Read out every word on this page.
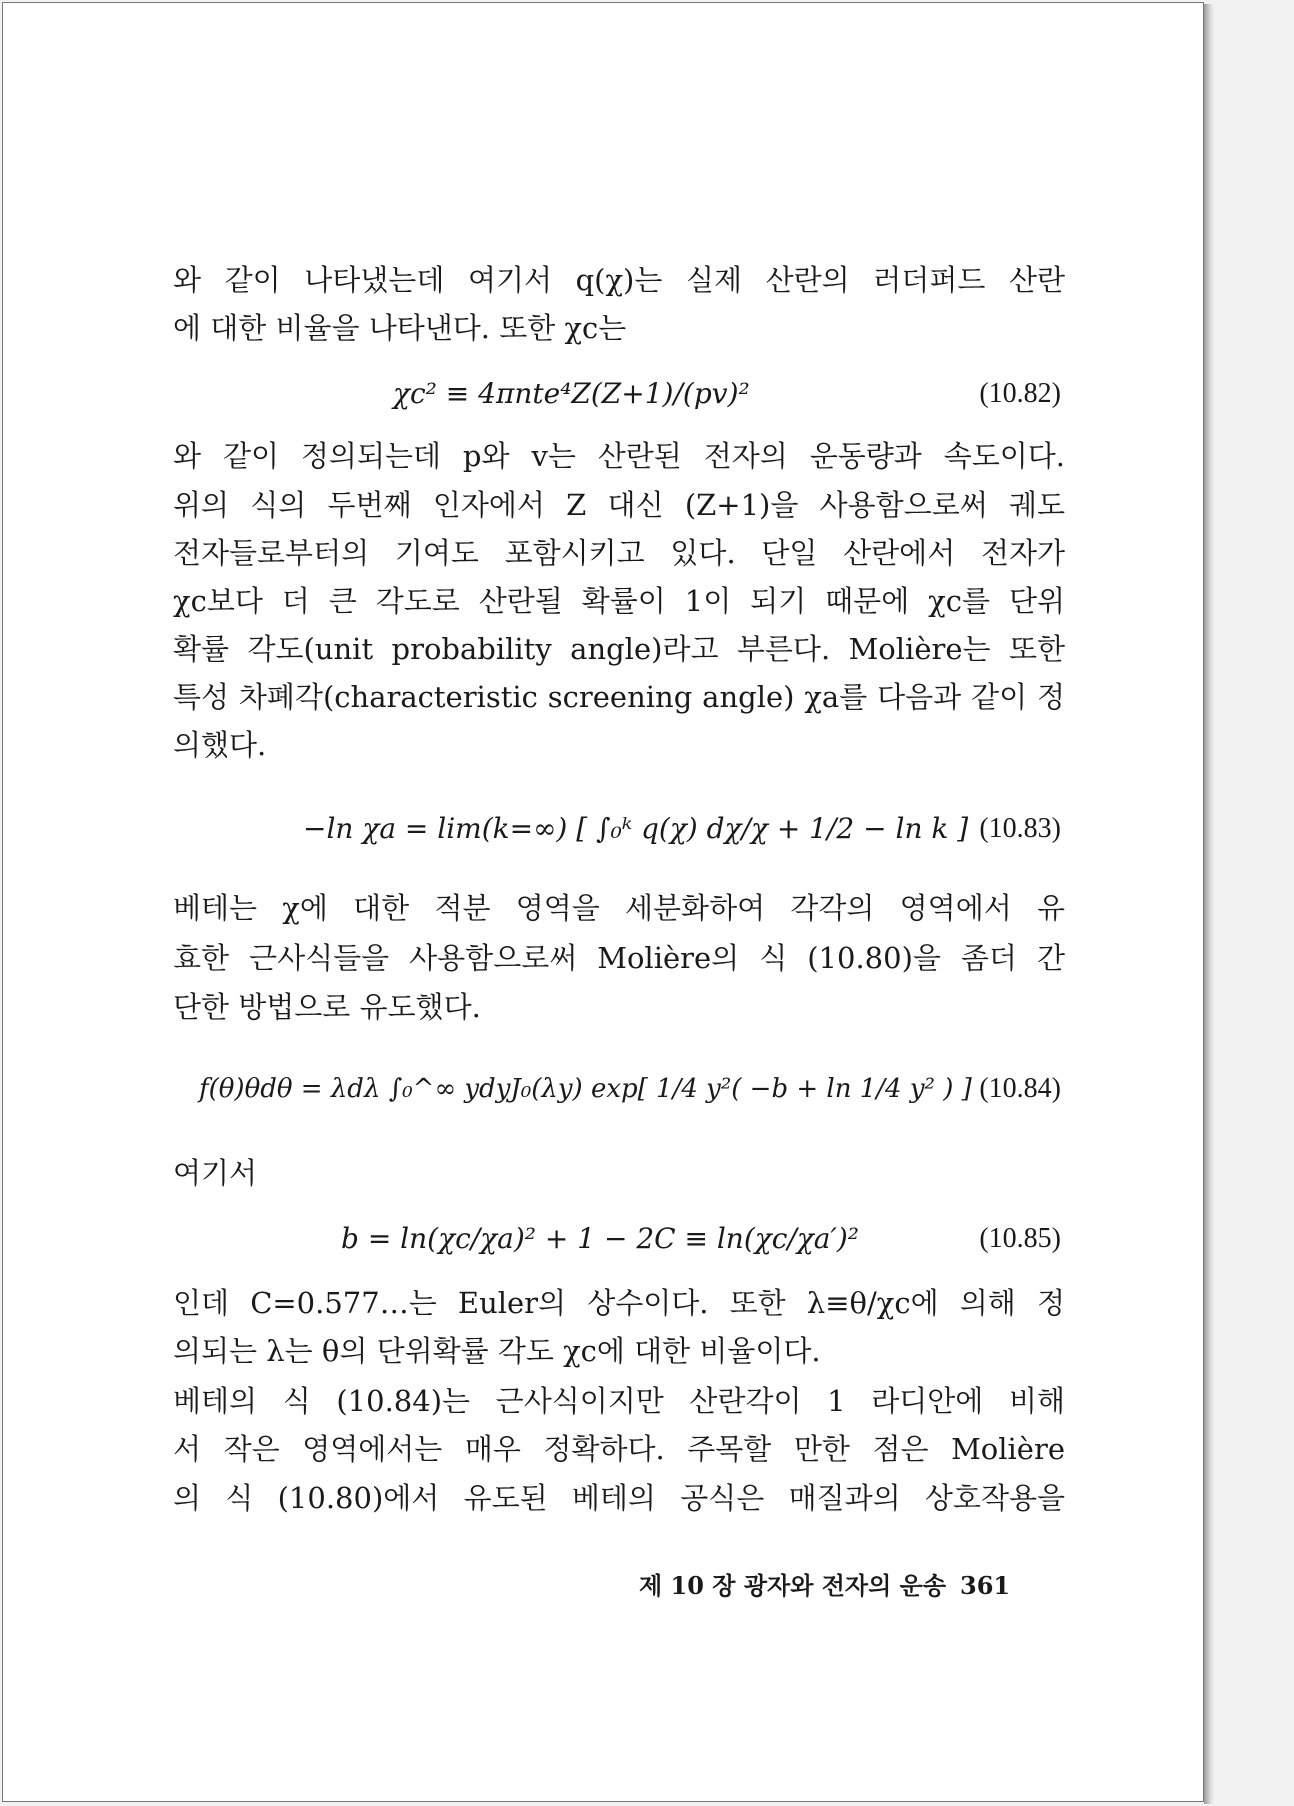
와 같이 나타냈는데 여기서 q(χ)는 실제 산란의 러더퍼드 산란
에 대한 비율을 나타낸다. 또한 χc는
χc² ≡ 4πnte⁴Z(Z+1)/(pv)²	(10.82)
와 같이 정의되는데 p와 v는 산란된 전자의 운동량과 속도이다.
위의 식의 두번째 인자에서 Z 대신 (Z+1)을 사용함으로써 궤도
전자들로부터의 기여도 포함시키고 있다. 단일 산란에서 전자가
χc보다 더 큰 각도로 산란될 확률이 1이 되기 때문에 χc를 단위
확률 각도(unit probability angle)라고 부른다. Molière는 또한
특성 차폐각(characteristic screening angle) χa를 다음과 같이 정
의했다.
−ln χa = lim(k=∞) [ ∫₀ᵏ q(χ) dχ/χ + 1/2 − ln k ] (10.83)
베테는 χ에 대한 적분 영역을 세분화하여 각각의 영역에서 유
효한 근사식들을 사용함으로써 Molière의 식 (10.80)을 좀더 간
단한 방법으로 유도했다.
f(θ)θdθ = λdλ ∫₀^∞ ydyJ₀(λy) exp[ 1/4 y²( −b + ln 1/4 y² ) ] (10.84)
여기서
b = ln(χc/χa)² + 1 − 2C ≡ ln(χc/χa′)²	(10.85)
인데 C=0.577…는 Euler의 상수이다. 또한 λ≡θ/χc에 의해 정
의되는 λ는 θ의 단위확률 각도 χc에 대한 비율이다.
베테의 식 (10.84)는 근사식이지만 산란각이 1 라디안에 비해
서 작은 영역에서는 매우 정확하다. 주목할 만한 점은 Molière
의 식 (10.80)에서 유도된 베테의 공식은 매질과의 상호작용을
제 10 장 광자와 전자의 운송 361
